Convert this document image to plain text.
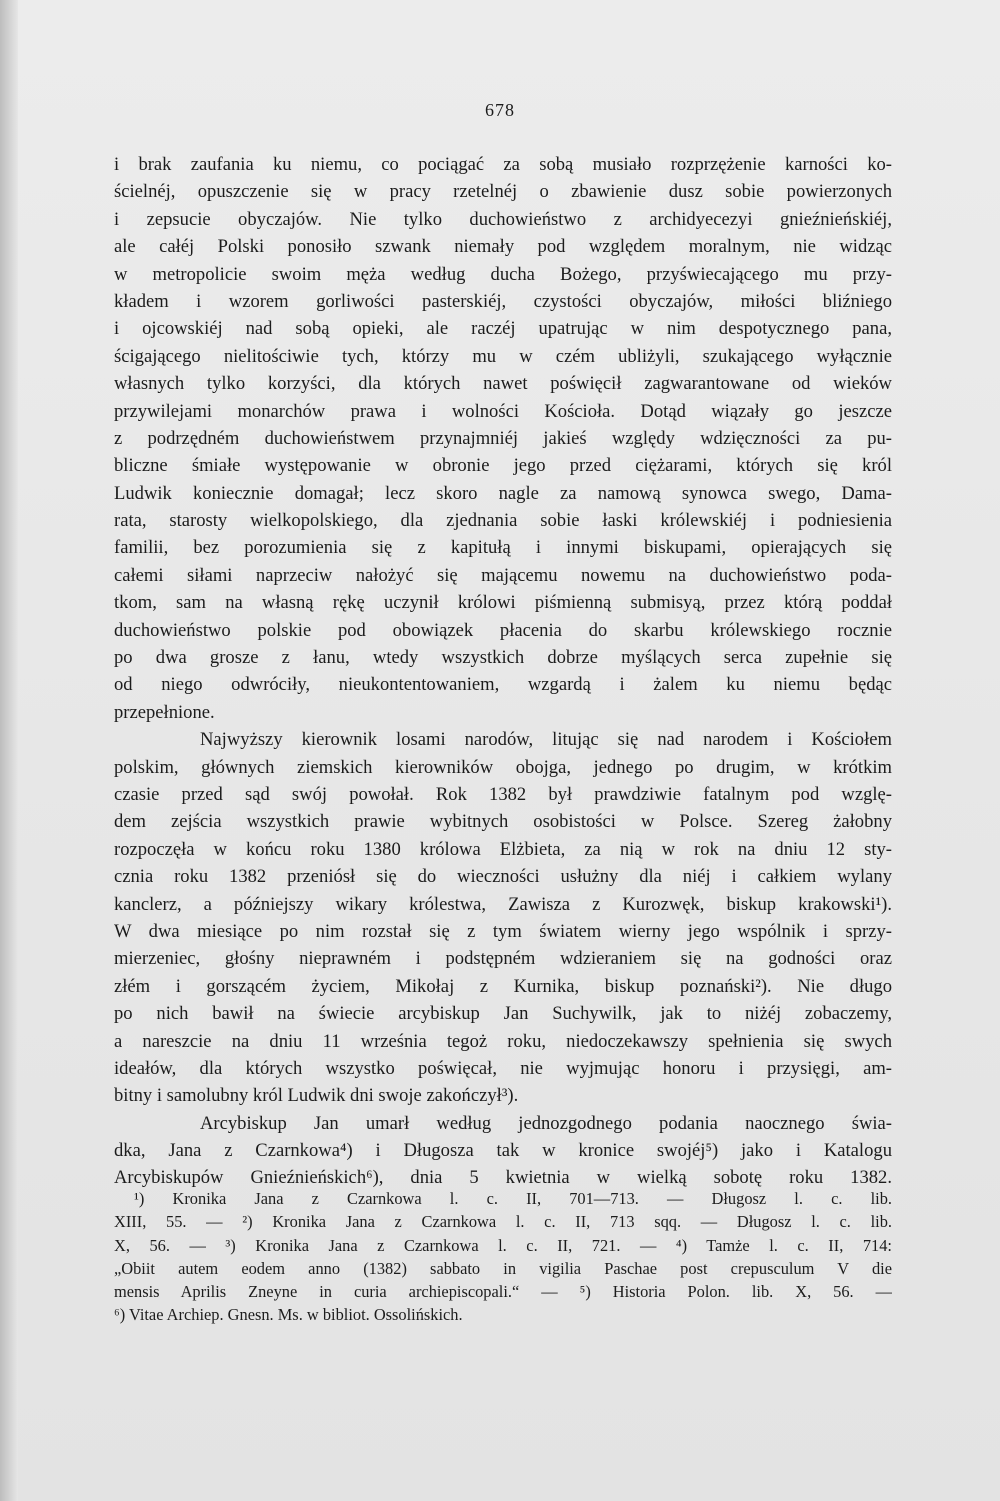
678
i brak zaufania ku niemu, co pociągać za sobą musiało rozprzężenie karności ko-
ścielnéj, opuszczenie się w pracy rzetelnéj o zbawienie dusz sobie powierzonych
i zepsucie obyczajów. Nie tylko duchowieństwo z archidyecezyi gnieźnieńskiéj,
ale całéj Polski ponosiło szwank niemały pod względem moralnym, nie widząc
w metropolicie swoim męża według ducha Bożego, przyświecającego mu przy-
kładem i wzorem gorliwości pasterskiéj, czystości obyczajów, miłości bliźniego
i ojcowskiéj nad sobą opieki, ale raczéj upatrując w nim despotycznego pana,
ścigającego nielitościwie tych, którzy mu w czém ubliżyli, szukającego wyłącznie
własnych tylko korzyści, dla których nawet poświęcił zagwarantowane od wieków
przywilejami monarchów prawa i wolności Kościoła. Dotąd wiązały go jeszcze
z podrzędném duchowieństwem przynajmniéj jakieś względy wdzięczności za pu-
bliczne śmiałe występowanie w obronie jego przed ciężarami, których się król
Ludwik koniecznie domagał; lecz skoro nagle za namową synowca swego, Dama-
rata, starosty wielkopolskiego, dla zjednania sobie łaski królewskiéj i podniesienia
familii, bez porozumienia się z kapitułą i innymi biskupami, opierających się
całemi siłami naprzeciw nałożyć się mającemu nowemu na duchowieństwo poda-
tkom, sam na własną rękę uczynił królowi piśmienną submisyą, przez którą poddał
duchowieństwo polskie pod obowiązek płacenia do skarbu królewskiego rocznie
po dwa grosze z łanu, wtedy wszystkich dobrze myślących serca zupełnie się
od niego odwróciły, nieukontentowaniem, wzgardą i żalem ku niemu będąc
przepełnione.
Najwyższy kierownik losami narodów, litując się nad narodem i Kościołem
polskim, głównych ziemskich kierowników obojga, jednego po drugim, w krótkim
czasie przed sąd swój powołał. Rok 1382 był prawdziwie fatalnym pod wzglę-
dem zejścia wszystkich prawie wybitnych osobistości w Polsce. Szereg żałobny
rozpoczęła w końcu roku 1380 królowa Elżbieta, za nią w rok na dniu 12 sty-
cznia roku 1382 przeniósł się do wieczności usłużny dla niéj i całkiem wylany
kanclerz, a późniejszy wikary królestwa, Zawisza z Kurozwęk, biskup krakowski¹).
W dwa miesiące po nim rozstał się z tym światem wierny jego wspólnik i sprzy-
mierzeniec, głośny nieprawném i podstępném wdzieraniem się na godności oraz
złém i gorszącém życiem, Mikołaj z Kurnika, biskup poznański²). Nie długo
po nich bawił na świecie arcybiskup Jan Suchywilk, jak to niżéj zobaczemy,
a nareszcie na dniu 11 września tegoż roku, niedoczekawszy spełnienia się swych
ideałów, dla których wszystko poświęcał, nie wyjmując honoru i przysięgi, am-
bitny i samolubny król Ludwik dni swoje zakończył³).
Arcybiskup Jan umarł według jednozgodnego podania naocznego świa-
dka, Jana z Czarnkowa⁴) i Długosza tak w kronice swojéj⁵) jako i Katalogu
Arcybiskupów Gnieźnieńskich⁶), dnia 5 kwietnia w wielką sobotę roku 1382.
¹) Kronika Jana z Czarnkowa l. c. II, 701—713. — Długosz l. c. lib.
XIII, 55. — ²) Kronika Jana z Czarnkowa l. c. II, 713 sqq. — Długosz l. c. lib.
X, 56. — ³) Kronika Jana z Czarnkowa l. c. II, 721. — ⁴) Tamże l. c. II, 714:
„Obiit autem eodem anno (1382) sabbato in vigilia Paschae post crepusculum V die
mensis Aprilis Zneyne in curia archiepiscopali.“ — ⁵) Historia Polon. lib. X, 56. —
⁶) Vitae Archiep. Gnesn. Ms. w bibliot. Ossolińskich.
